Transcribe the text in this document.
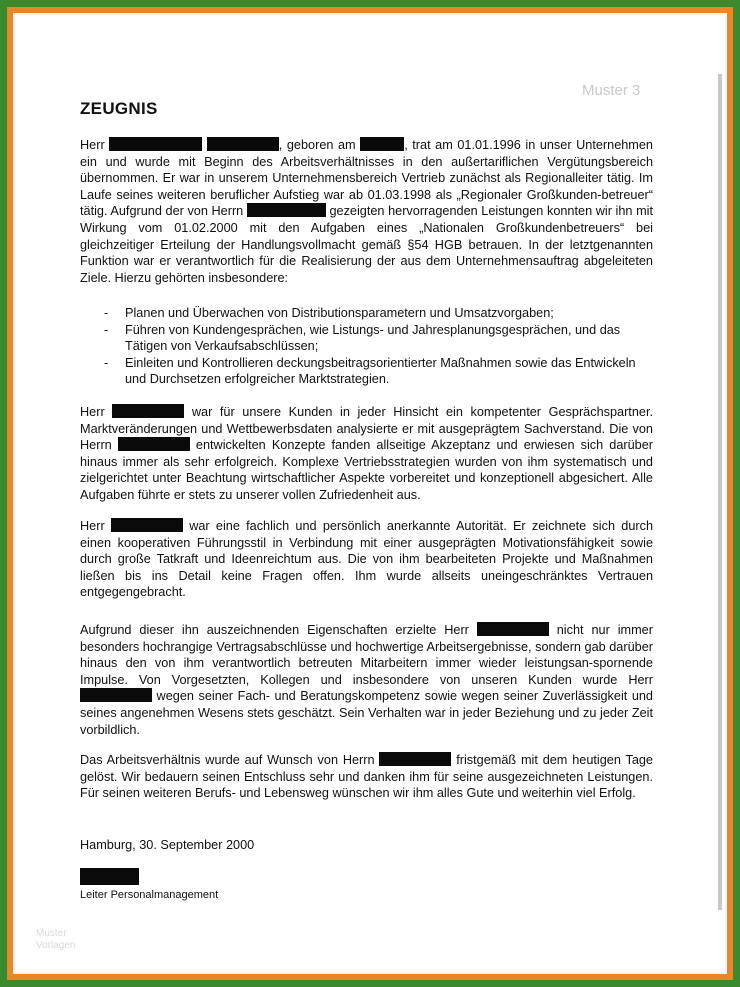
Muster 3
ZEUGNIS
Herr	, geboren am	, trat am 01.01.1996 in unser Unternehmen ein und wurde mit Beginn des Arbeitsverhältnisses in den außertariflichen Vergütungsbereich übernommen. Er war in unserem Unternehmensbereich Vertrieb zunächst als Regionalleiter tätig. Im Laufe seines weiteren beruflicher Aufstieg war ab 01.03.1998 als „Regionaler Großkunden-betreuer“ tätig. Aufgrund der von Herrn	gezeigten hervorragenden Leistungen konnten wir ihn mit Wirkung vom 01.02.2000 mit den Aufgaben eines „Nationalen Großkundenbetreuers“ bei gleichzeitiger Erteilung der Handlungsvollmacht gemäß §54 HGB betrauen. In der letztgenannten Funktion war er verantwortlich für die Realisierung der aus dem Unternehmensauftrag abgeleiteten Ziele. Hierzu gehörten insbesondere:
-	Planen und Überwachen von Distributionsparametern und Umsatzvorgaben;
-	Führen von Kundengesprächen, wie Listungs- und Jahresplanungsgesprächen, und das Tätigen von Verkaufsabschlüssen;
-	Einleiten und Kontrollieren deckungsbeitragsorientierter Maßnahmen sowie das Entwickeln und Durchsetzen erfolgreicher Marktstrategien.
Herr	war für unsere Kunden in jeder Hinsicht ein kompetenter Gesprächspartner. Marktveränderungen und Wettbewerbsdaten analysierte er mit ausgeprägtem Sachverstand. Die von Herrn	entwickelten Konzepte fanden allseitige Akzeptanz und erwiesen sich darüber hinaus immer als sehr erfolgreich. Komplexe Vertriebsstrategien wurden von ihm systematisch und zielgerichtet unter Beachtung wirtschaftlicher Aspekte vorbereitet und konzeptionell abgesichert. Alle Aufgaben führte er stets zu unserer vollen Zufriedenheit aus.
Herr	war eine fachlich und persönlich anerkannte Autorität. Er zeichnete sich durch einen kooperativen Führungsstil in Verbindung mit einer ausgeprägten Motivationsfähigkeit sowie durch große Tatkraft und Ideenreichtum aus. Die von ihm bearbeiteten Projekte und Maßnahmen ließen bis ins Detail keine Fragen offen. Ihm wurde allseits uneingeschränktes Vertrauen entgegengebracht.
Aufgrund dieser ihn auszeichnenden Eigenschaften erzielte Herr	nicht nur immer besonders hochrangige Vertragsabschlüsse und hochwertige Arbeitsergebnisse, sondern gab darüber hinaus den von ihm verantwortlich betreuten Mitarbeitern immer wieder leistungsan-spornende Impulse. Von Vorgesetzten, Kollegen und insbesondere von unseren Kunden wurde Herr  wegen seiner Fach- und Beratungskompetenz sowie wegen seiner Zuverlässigkeit und seines angenehmen Wesens stets geschätzt. Sein Verhalten war in jeder Beziehung und zu jeder Zeit vorbildlich.
Das Arbeitsverhältnis wurde auf Wunsch von Herrn	fristgemäß mit dem heutigen Tage gelöst. Wir bedauern seinen Entschluss sehr und danken ihm für seine ausgezeichneten Leistungen. Für seinen weiteren Berufs- und Lebensweg wünschen wir ihm alles Gute und weiterhin viel Erfolg.
Hamburg, 30. September 2000
Leiter Personalmanagement
Muster
Vorlagen
